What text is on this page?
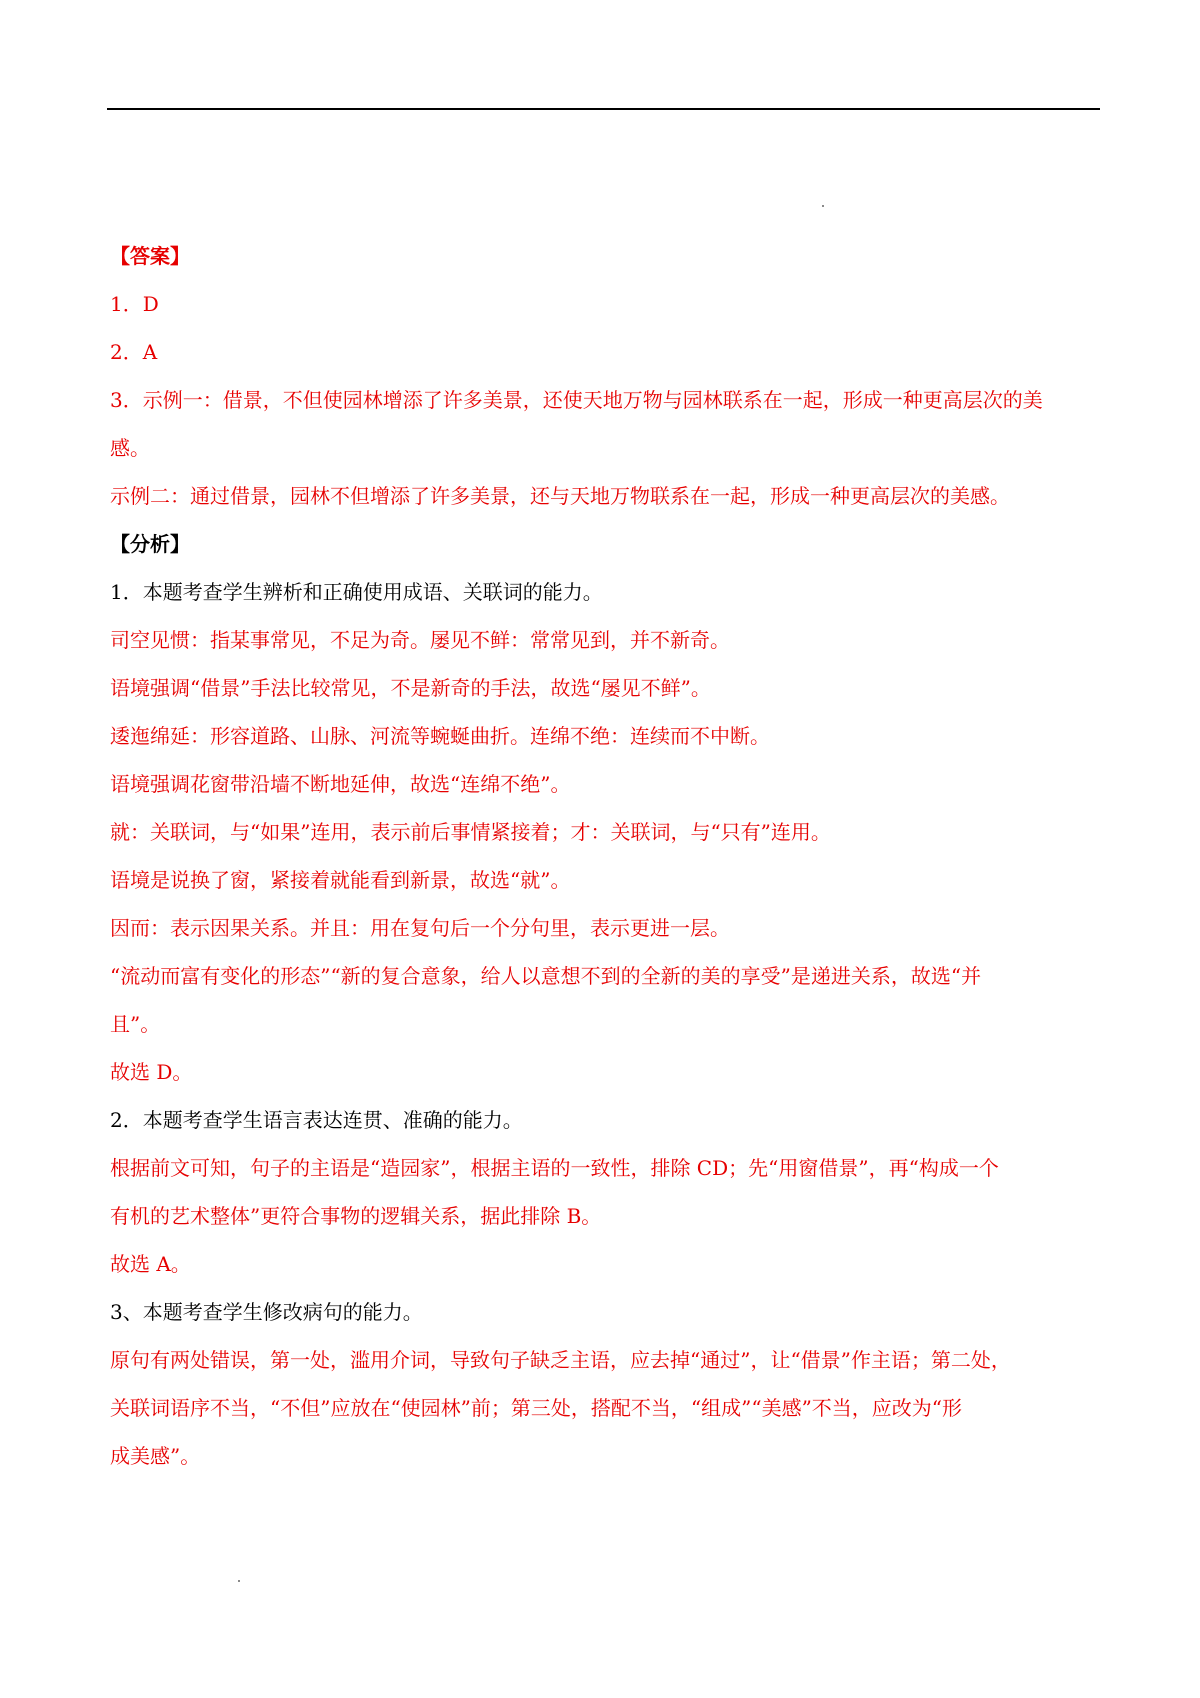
【答案】
1．D
2．A
3．示例一：借景，不但使园林增添了许多美景，还使天地万物与园林联系在一起，形成一种更高层次的美
感。
示例二：通过借景，园林不但增添了许多美景，还与天地万物联系在一起，形成一种更高层次的美感。
【分析】
1．本题考查学生辨析和正确使用成语、关联词的能力。
司空见惯：指某事常见，不足为奇。屡见不鲜：常常见到，并不新奇。
语境强调“借景”手法比较常见，不是新奇的手法，故选“屡见不鲜”。
逶迤绵延：形容道路、山脉、河流等蜿蜒曲折。连绵不绝：连续而不中断。
语境强调花窗带沿墙不断地延伸，故选“连绵不绝”。
就：关联词，与“如果”连用，表示前后事情紧接着；才：关联词，与“只有”连用。
语境是说换了窗，紧接着就能看到新景，故选“就”。
因而：表示因果关系。并且：用在复句后一个分句里，表示更进一层。
“流动而富有变化的形态”“新的复合意象，给人以意想不到的全新的美的享受”是递进关系，故选“并
且”。
故选 D。
2．本题考查学生语言表达连贯、准确的能力。
根据前文可知，句子的主语是“造园家”，根据主语的一致性，排除 CD；先“用窗借景”，再“构成一个
有机的艺术整体”更符合事物的逻辑关系，据此排除 B。
故选 A。
3、本题考查学生修改病句的能力。
原句有两处错误，第一处，滥用介词，导致句子缺乏主语，应去掉“通过”，让“借景”作主语；第二处，
关联词语序不当，“不但”应放在“使园林”前；第三处，搭配不当，“组成”“美感”不当，应改为“形
成美感”。
